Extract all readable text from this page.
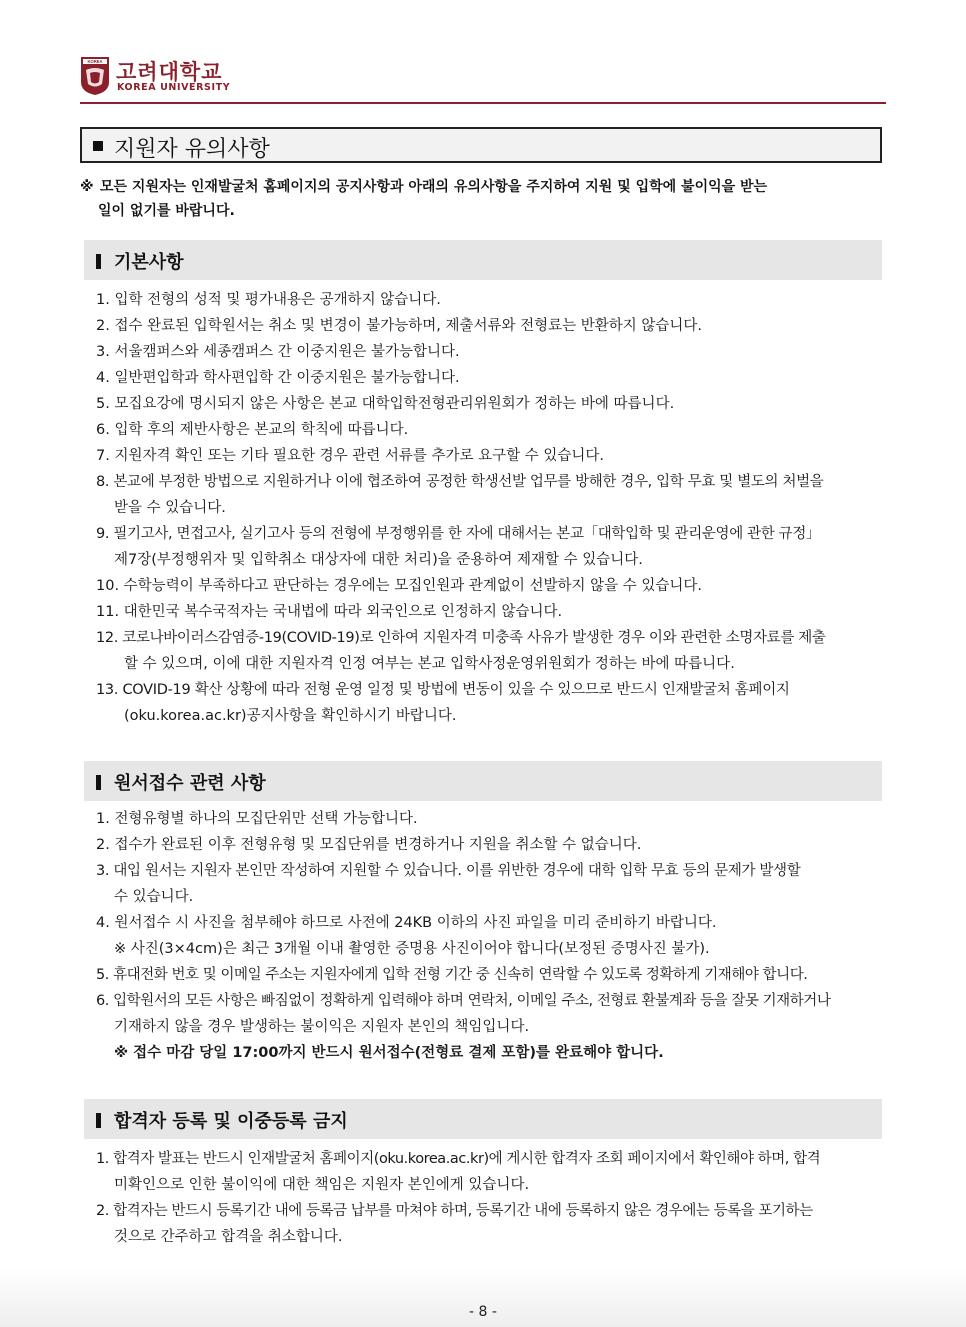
KOREA 고려대학교
KOREA UNIVERSITY
지원자 유의사항
※ 모든 지원자는 인재발굴처 홈페이지의 공지사항과 아래의 유의사항을 주지하여 지원 및 입학에 불이익을 받는
일이 없기를 바랍니다.
기본사항
1. 입학 전형의 성적 및 평가내용은 공개하지 않습니다.
2. 접수 완료된 입학원서는 취소 및 변경이 불가능하며, 제출서류와 전형료는 반환하지 않습니다.
3. 서울캠퍼스와 세종캠퍼스 간 이중지원은 불가능합니다.
4. 일반편입학과 학사편입학 간 이중지원은 불가능합니다.
5. 모집요강에 명시되지 않은 사항은 본교 대학입학전형관리위원회가 정하는 바에 따릅니다.
6. 입학 후의 제반사항은 본교의 학칙에 따릅니다.
7. 지원자격 확인 또는 기타 필요한 경우 관련 서류를 추가로 요구할 수 있습니다.
8. 본교에 부정한 방법으로 지원하거나 이에 협조하여 공정한 학생선발 업무를 방해한 경우, 입학 무효 및 별도의 처벌을
받을 수 있습니다.
9. 필기고사, 면접고사, 실기고사 등의 전형에 부정행위를 한 자에 대해서는 본교「대학입학 및 관리운영에 관한 규정」
제7장(부정행위자 및 입학취소 대상자에 대한 처리)을 준용하여 제재할 수 있습니다.
10. 수학능력이 부족하다고 판단하는 경우에는 모집인원과 관계없이 선발하지 않을 수 있습니다.
11. 대한민국 복수국적자는 국내법에 따라 외국인으로 인정하지 않습니다.
12. 코로나바이러스감염증-19(COVID-19)로 인하여 지원자격 미충족 사유가 발생한 경우 이와 관련한 소명자료를 제출
할 수 있으며, 이에 대한 지원자격 인정 여부는 본교 입학사정운영위원회가 정하는 바에 따릅니다.
13. COVID-19 확산 상황에 따라 전형 운영 일정 및 방법에 변동이 있을 수 있으므로 반드시 인재발굴처 홈페이지
(oku.korea.ac.kr)공지사항을 확인하시기 바랍니다.
원서접수 관련 사항
1. 전형유형별 하나의 모집단위만 선택 가능합니다.
2. 접수가 완료된 이후 전형유형 및 모집단위를 변경하거나 지원을 취소할 수 없습니다.
3. 대입 원서는 지원자 본인만 작성하여 지원할 수 있습니다. 이를 위반한 경우에 대학 입학 무효 등의 문제가 발생할
수 있습니다.
4. 원서접수 시 사진을 첨부해야 하므로 사전에 24KB 이하의 사진 파일을 미리 준비하기 바랍니다.
※ 사진(3×4cm)은 최근 3개월 이내 촬영한 증명용 사진이어야 합니다(보정된 증명사진 불가).
5. 휴대전화 번호 및 이메일 주소는 지원자에게 입학 전형 기간 중 신속히 연락할 수 있도록 정확하게 기재해야 합니다.
6. 입학원서의 모든 사항은 빠짐없이 정확하게 입력해야 하며 연락처, 이메일 주소, 전형료 환불계좌 등을 잘못 기재하거나
기재하지 않을 경우 발생하는 불이익은 지원자 본인의 책임입니다.
※ 접수 마감 당일 17:00까지 반드시 원서접수(전형료 결제 포함)를 완료해야 합니다.
합격자 등록 및 이중등록 금지
1. 합격자 발표는 반드시 인재발굴처 홈페이지(oku.korea.ac.kr)에 게시한 합격자 조회 페이지에서 확인해야 하며, 합격
미확인으로 인한 불이익에 대한 책임은 지원자 본인에게 있습니다.
2. 합격자는 반드시 등록기간 내에 등록금 납부를 마쳐야 하며, 등록기간 내에 등록하지 않은 경우에는 등록을 포기하는
것으로 간주하고 합격을 취소합니다.
- 8 -
